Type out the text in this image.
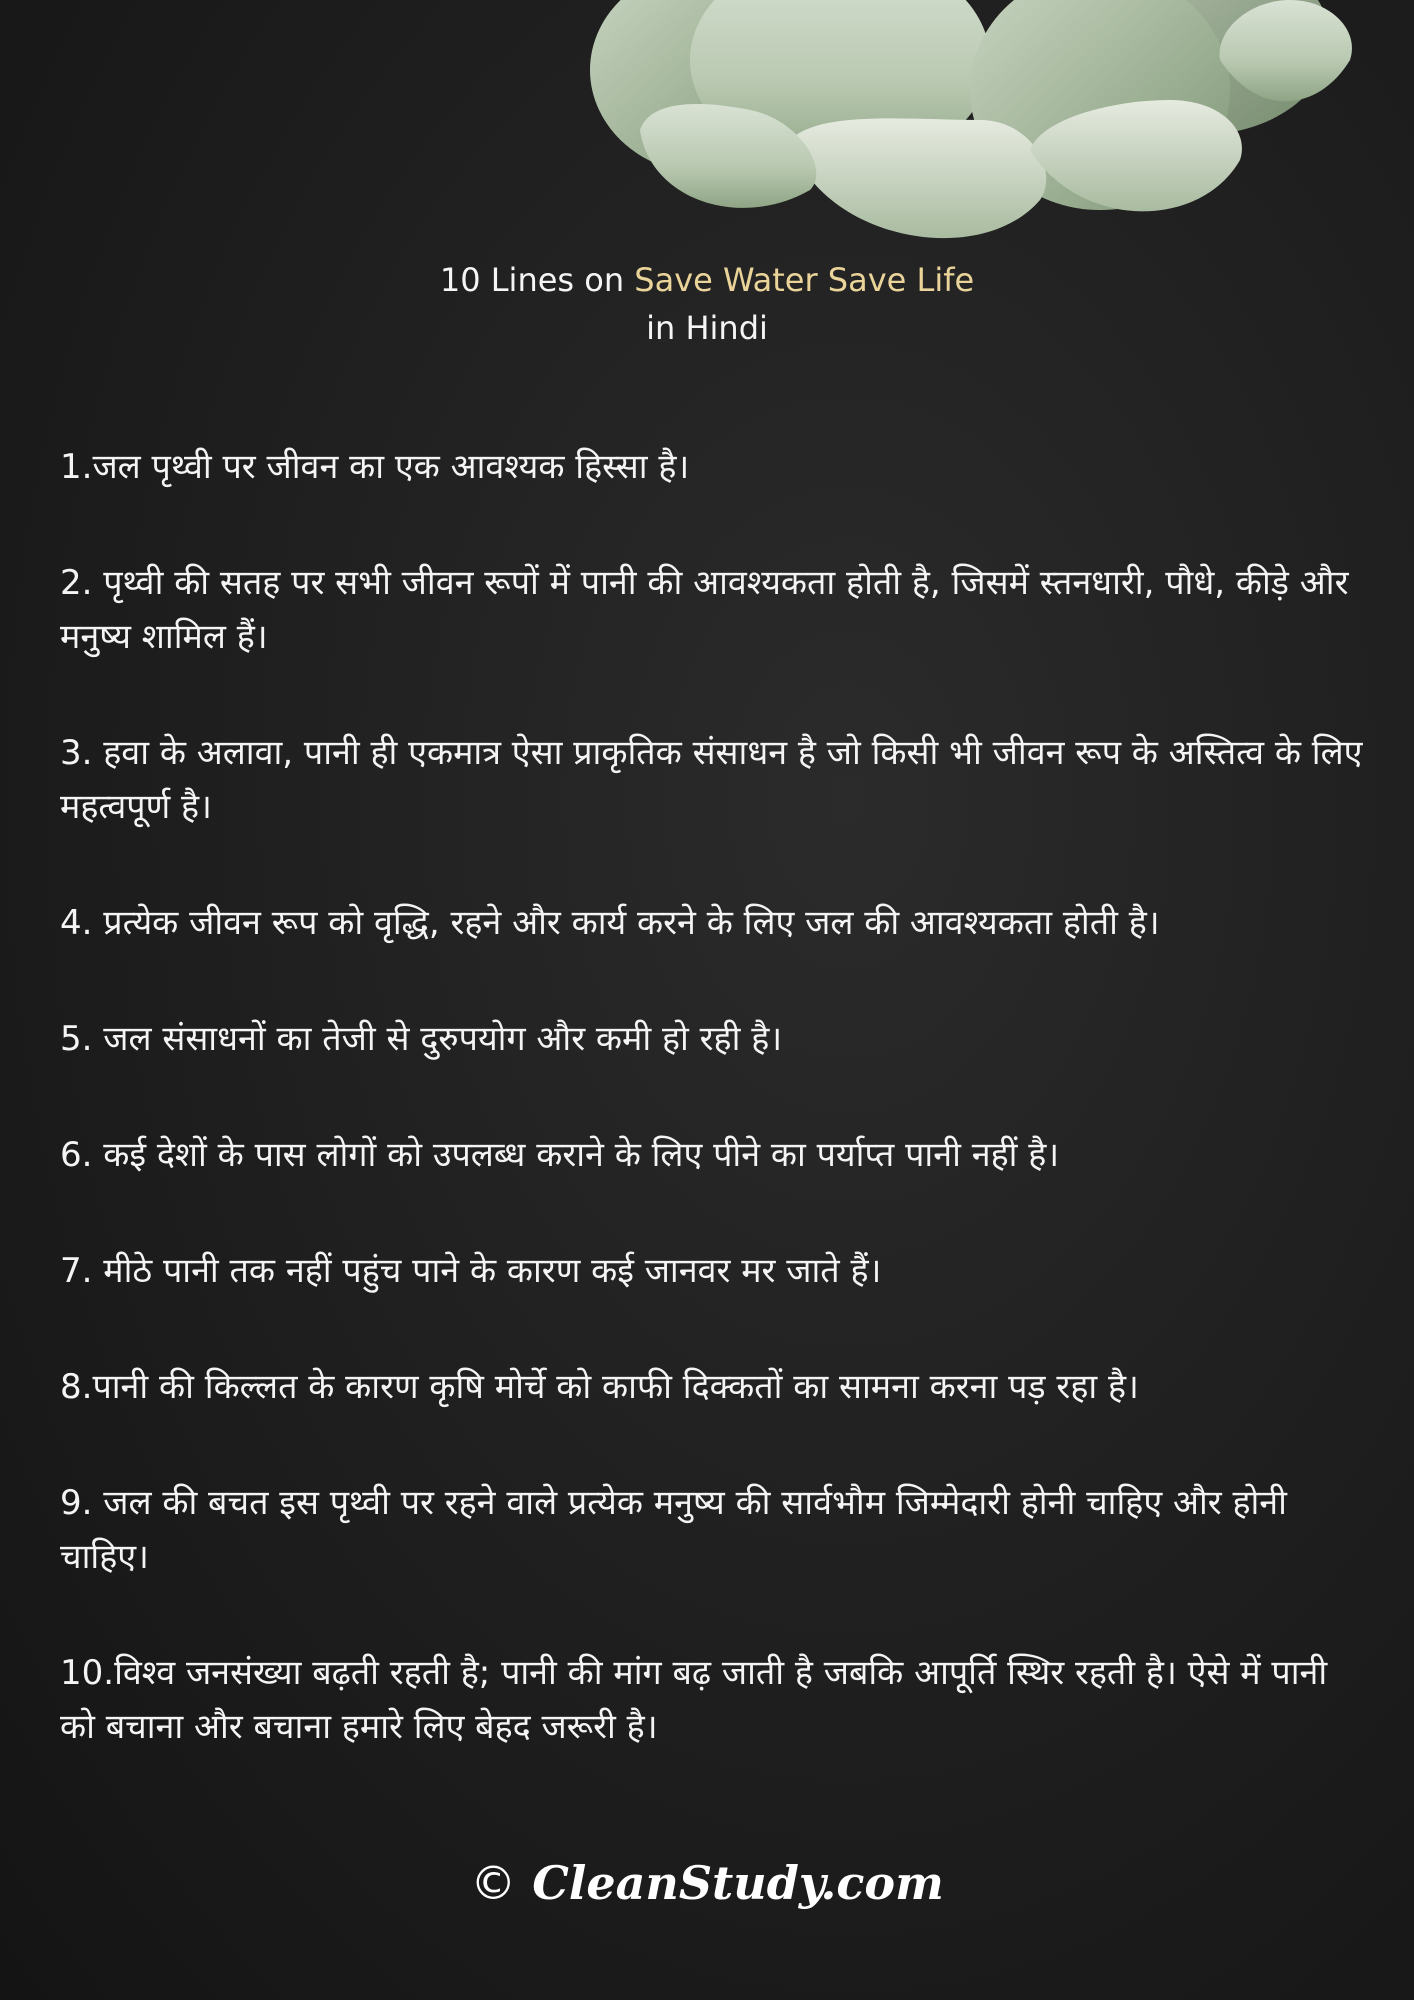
10 Lines on Save Water Save Life
in Hindi

1.जल पृथ्वी पर जीवन का एक आवश्यक हिस्सा है।

2. पृथ्वी की सतह पर सभी जीवन रूपों में पानी की आवश्यकता होती है, जिसमें स्तनधारी, पौधे, कीड़े और मनुष्य शामिल हैं।

3. हवा के अलावा, पानी ही एकमात्र ऐसा प्राकृतिक संसाधन है जो किसी भी जीवन रूप के अस्तित्व के लिए महत्वपूर्ण है।

4. प्रत्येक जीवन रूप को वृद्धि, रहने और कार्य करने के लिए जल की आवश्यकता होती है।

5. जल संसाधनों का तेजी से दुरुपयोग और कमी हो रही है।

6. कई देशों के पास लोगों को उपलब्ध कराने के लिए पीने का पर्याप्त पानी नहीं है।

7. मीठे पानी तक नहीं पहुंच पाने के कारण कई जानवर मर जाते हैं।

8.पानी की किल्लत के कारण कृषि मोर्चे को काफी दिक्कतों का सामना करना पड़ रहा है।

9. जल की बचत इस पृथ्वी पर रहने वाले प्रत्येक मनुष्य की सार्वभौम जिम्मेदारी होनी चाहिए और होनी चाहिए।

10.विश्व जनसंख्या बढ़ती रहती है; पानी की मांग बढ़ जाती है जबकि आपूर्ति स्थिर रहती है। ऐसे में पानी को बचाना और बचाना हमारे लिए बेहद जरूरी है।

© CleanStudy.com
